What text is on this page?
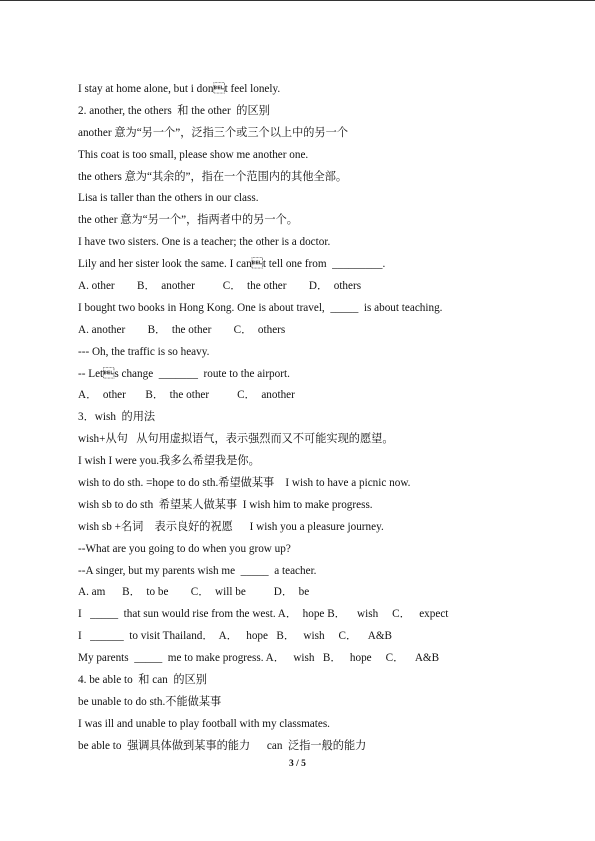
I stay at home alone, but i dont feel lonely.
2. another, the others  和 the other  的区别
another 意为“另一个”，泛指三个或三个以上中的另一个
This coat is too small, please show me another one.
the others 意为“其余的”，指在一个范围内的其他全部。
Lisa is taller than the others in our class.
the other 意为“另一个”，指两者中的另一个。
I have two sisters. One is a teacher; the other is a doctor.
Lily and her sister look the same. I cant tell one from  _________.
A. other        B．  another          C．  the other        D．  others
I bought two books in Hong Kong. One is about travel,  _____  is about teaching.
A. another        B．  the other        C．  others
--- Oh, the traffic is so heavy.
-- Lets change  _______  route to the airport.
A．  other       B．  the other          C．  another
3．wish  的用法
wish+从句   从句用虚拟语气，表示强烈而又不可能实现的愿望。
I wish I were you.我多么希望我是你。
wish to do sth. =hope to do sth.希望做某事    I wish to have a picnic now.
wish sb to do sth  希望某人做某事  I wish him to make progress.
wish sb +名词    表示良好的祝愿      I wish you a pleasure journey.
--What are you going to do when you grow up?
--A singer, but my parents wish me  _____  a teacher.
A. am      B．  to be        C．  will be          D．  be
I   _____  that sun would rise from the west. A．  hope B．    wish     C．   expect
I   ______  to visit Thailand．  A．   hope   B．   wish     C．    A&B
My parents  _____  me to make progress. A．   wish   B．   hope     C．    A&B
4. be able to  和 can  的区别
be unable to do sth.不能做某事
I was ill and unable to play football with my classmates.
be able to  强调具体做到某事的能力      can  泛指一般的能力
3 / 5
